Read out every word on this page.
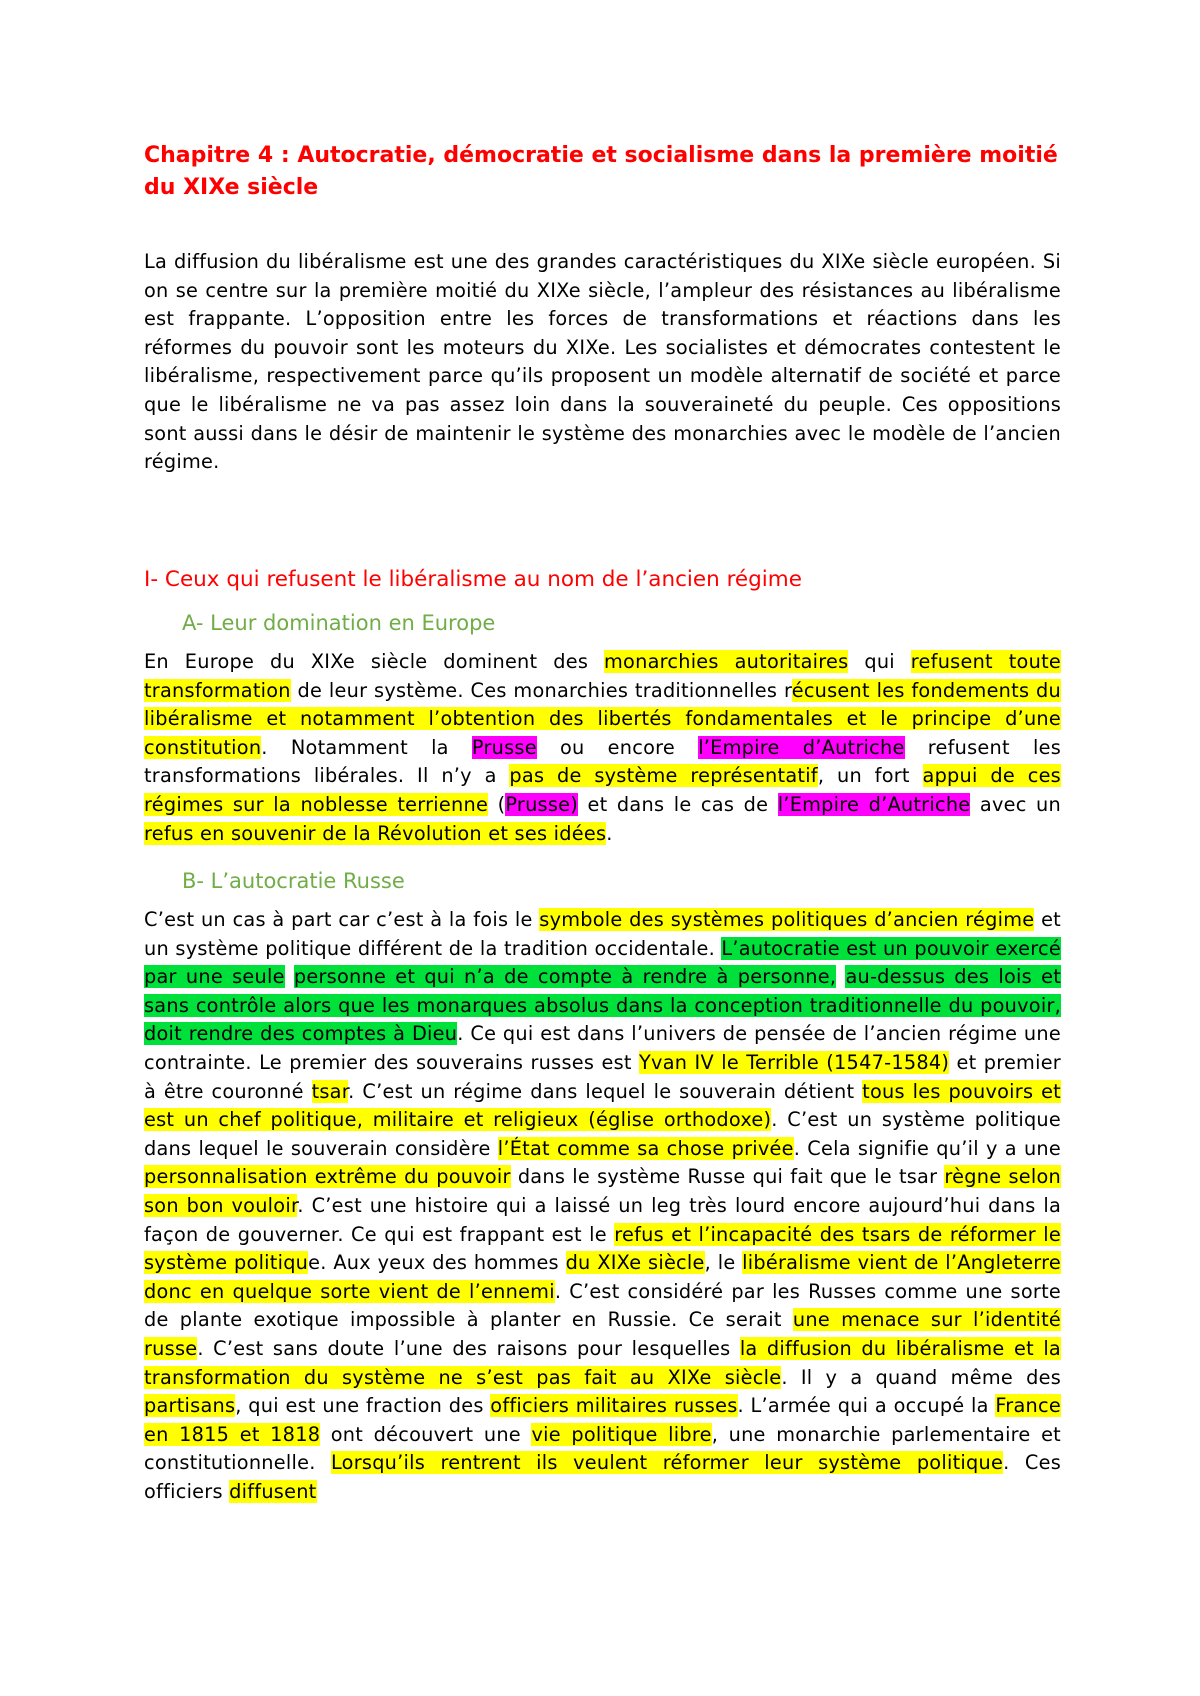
Chapitre 4 : Autocratie, démocratie et socialisme dans la première moitié du XIXe siècle

La diffusion du libéralisme est une des grandes caractéristiques du XIXe siècle européen. Si on se centre sur la première moitié du XIXe siècle, l’ampleur des résistances au libéralisme est frappante. L’opposition entre les forces de transformations et réactions dans les réformes du pouvoir sont les moteurs du XIXe. Les socialistes et démocrates contestent le libéralisme, respectivement parce qu’ils proposent un modèle alternatif de société et parce que le libéralisme ne va pas assez loin dans la souveraineté du peuple. Ces oppositions sont aussi dans le désir de maintenir le système des monarchies avec le modèle de l’ancien régime.

I- Ceux qui refusent le libéralisme au nom de l’ancien régime
A- Leur domination en Europe

En Europe du XIXe siècle dominent des monarchies autoritaires qui refusent toute transformation de leur système. Ces monarchies traditionnelles récusent les fondements du libéralisme et notamment l’obtention des libertés fondamentales et le principe d’une constitution. Notamment la Prusse ou encore l’Empire d’Autriche refusent les transformations libérales. Il n’y a pas de système représentatif, un fort appui de ces régimes sur la noblesse terrienne (Prusse) et dans le cas de l’Empire d’Autriche avec un refus en souvenir de la Révolution et ses idées.

B- L’autocratie Russe

C’est un cas à part car c’est à la fois le symbole des systèmes politiques d’ancien régime et un système politique différent de la tradition occidentale. L’autocratie est un pouvoir exercé par une seule personne et qui n’a de compte à rendre à personne, au-dessus des lois et sans contrôle alors que les monarques absolus dans la conception traditionnelle du pouvoir, doit rendre des comptes à Dieu. Ce qui est dans l’univers de pensée de l’ancien régime une contrainte. Le premier des souverains russes est Yvan IV le Terrible (1547-1584) et premier à être couronné tsar. C’est un régime dans lequel le souverain détient tous les pouvoirs et est un chef politique, militaire et religieux (église orthodoxe). C’est un système politique dans lequel le souverain considère l’État comme sa chose privée. Cela signifie qu’il y a une personnalisation extrême du pouvoir dans le système Russe qui fait que le tsar règne selon son bon vouloir. C’est une histoire qui a laissé un leg très lourd encore aujourd’hui dans la façon de gouverner. Ce qui est frappant est le refus et l’incapacité des tsars de réformer le système politique. Aux yeux des hommes du XIXe siècle, le libéralisme vient de l’Angleterre donc en quelque sorte vient de l’ennemi. C’est considéré par les Russes comme une sorte de plante exotique impossible à planter en Russie. Ce serait une menace sur l’identité russe. C’est sans doute l’une des raisons pour lesquelles la diffusion du libéralisme et la transformation du système ne s’est pas fait au XIXe siècle. Il y a quand même des partisans, qui est une fraction des officiers militaires russes. L’armée qui a occupé la France en 1815 et 1818 ont découvert une vie politique libre, une monarchie parlementaire et constitutionnelle. Lorsqu’ils rentrent ils veulent réformer leur système politique. Ces officiers diffusent
